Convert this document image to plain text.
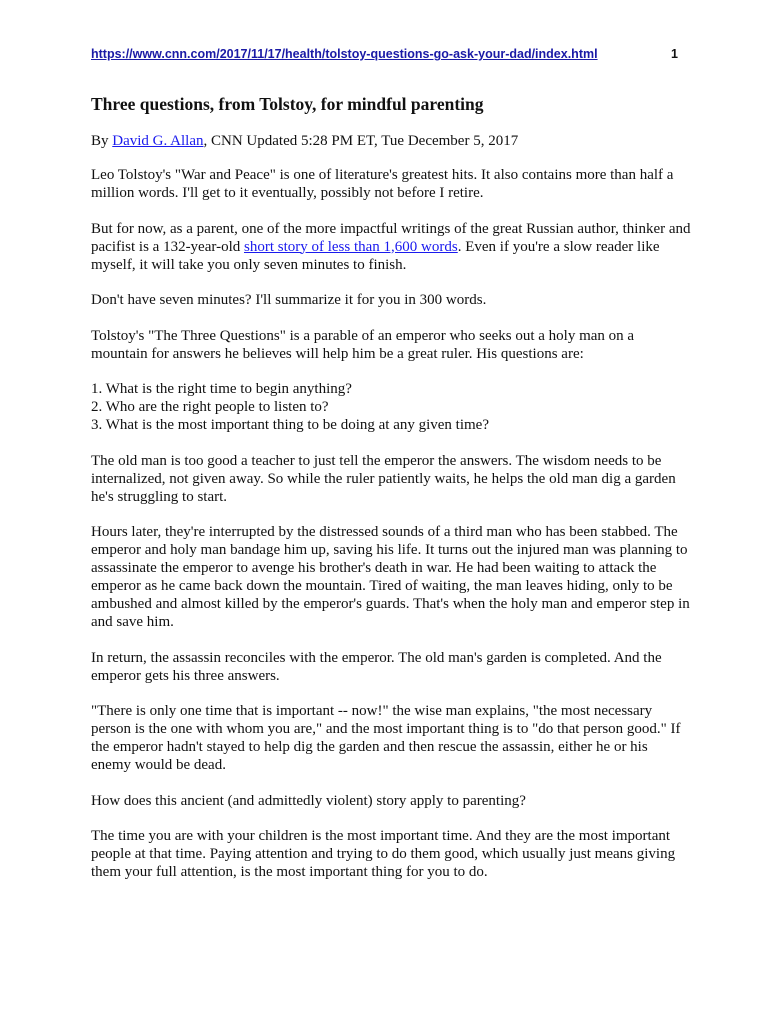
https://www.cnn.com/2017/11/17/health/tolstoy-questions-go-ask-your-dad/index.html	1
Three questions, from Tolstoy, for mindful parenting

By David G. Allan, CNN Updated 5:28 PM ET, Tue December 5, 2017

Leo Tolstoy's "War and Peace" is one of literature's greatest hits. It also contains more than half a million words. I'll get to it eventually, possibly not before I retire.

But for now, as a parent, one of the more impactful writings of the great Russian author, thinker and pacifist is a 132-year-old short story of less than 1,600 words. Even if you're a slow reader like myself, it will take you only seven minutes to finish.

Don't have seven minutes? I'll summarize it for you in 300 words.

Tolstoy's "The Three Questions" is a parable of an emperor who seeks out a holy man on a mountain for answers he believes will help him be a great ruler. His questions are:

1. What is the right time to begin anything?
2. Who are the right people to listen to?
3. What is the most important thing to be doing at any given time?

The old man is too good a teacher to just tell the emperor the answers. The wisdom needs to be internalized, not given away. So while the ruler patiently waits, he helps the old man dig a garden he's struggling to start.

Hours later, they're interrupted by the distressed sounds of a third man who has been stabbed. The emperor and holy man bandage him up, saving his life. It turns out the injured man was planning to assassinate the emperor to avenge his brother's death in war. He had been waiting to attack the emperor as he came back down the mountain. Tired of waiting, the man leaves hiding, only to be ambushed and almost killed by the emperor's guards. That's when the holy man and emperor step in and save him.

In return, the assassin reconciles with the emperor. The old man's garden is completed. And the emperor gets his three answers.

"There is only one time that is important -- now!" the wise man explains, "the most necessary person is the one with whom you are," and the most important thing is to "do that person good." If the emperor hadn't stayed to help dig the garden and then rescue the assassin, either he or his enemy would be dead.

How does this ancient (and admittedly violent) story apply to parenting?

The time you are with your children is the most important time. And they are the most important people at that time. Paying attention and trying to do them good, which usually just means giving them your full attention, is the most important thing for you to do.
